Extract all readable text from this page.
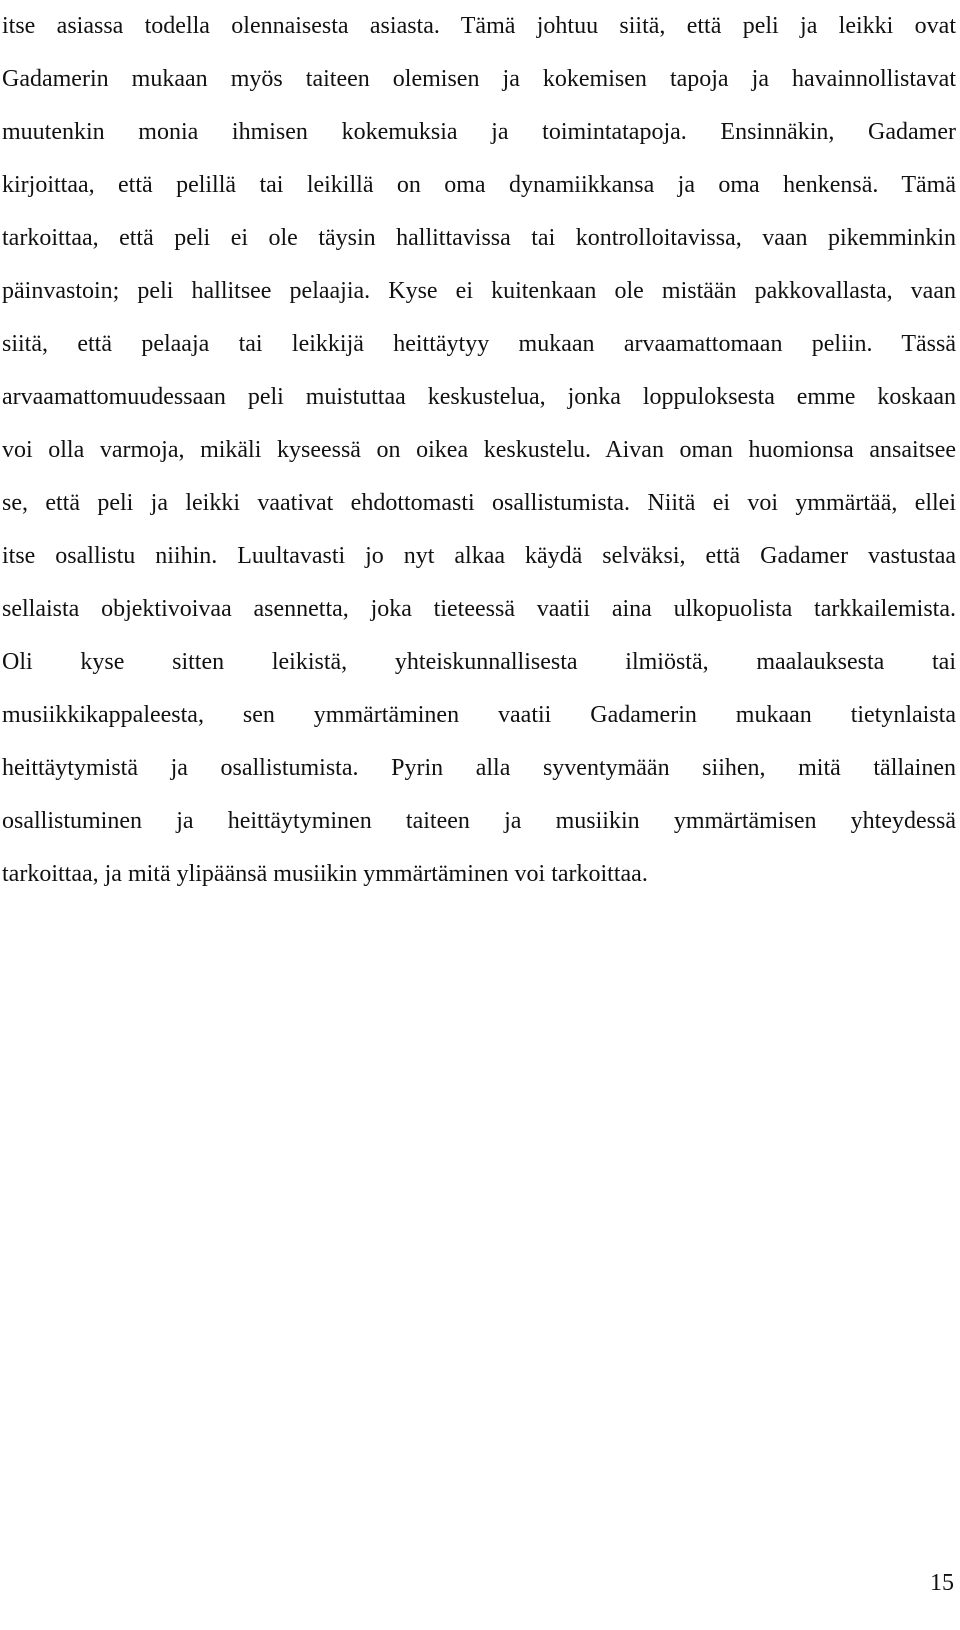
itse asiassa todella olennaisesta asiasta. Tämä johtuu siitä, että peli ja leikki ovat
Gadamerin mukaan myös taiteen olemisen ja kokemisen tapoja ja havainnollistavat
muutenkin monia ihmisen kokemuksia ja toimintatapoja. Ensinnäkin, Gadamer
kirjoittaa, että pelillä tai leikillä on oma dynamiikkansa ja oma henkensä. Tämä
tarkoittaa, että peli ei ole täysin hallittavissa tai kontrolloitavissa, vaan pikemminkin
päinvastoin; peli hallitsee pelaajia. Kyse ei kuitenkaan ole mistään pakkovallasta, vaan
siitä, että pelaaja tai leikkijä heittäytyy mukaan arvaamattomaan peliin. Tässä
arvaamattomuudessaan peli muistuttaa keskustelua, jonka loppuloksesta emme koskaan
voi olla varmoja, mikäli kyseessä on oikea keskustelu. Aivan oman huomionsa ansaitsee
se, että peli ja leikki vaativat ehdottomasti osallistumista. Niitä ei voi ymmärtää, ellei
itse osallistu niihin. Luultavasti jo nyt alkaa käydä selväksi, että Gadamer vastustaa
sellaista objektivoivaa asennetta, joka tieteessä vaatii aina ulkopuolista tarkkailemista.
Oli kyse sitten leikistä, yhteiskunnallisesta ilmiöstä, maalauksesta tai
musiikkikappaleesta, sen ymmärtäminen vaatii Gadamerin mukaan tietynlaista
heittäytymistä ja osallistumista. Pyrin alla syventymään siihen, mitä tällainen
osallistuminen ja heittäytyminen taiteen ja musiikin ymmärtämisen yhteydessä
tarkoittaa, ja mitä ylipäänsä musiikin ymmärtäminen voi tarkoittaa.
15
